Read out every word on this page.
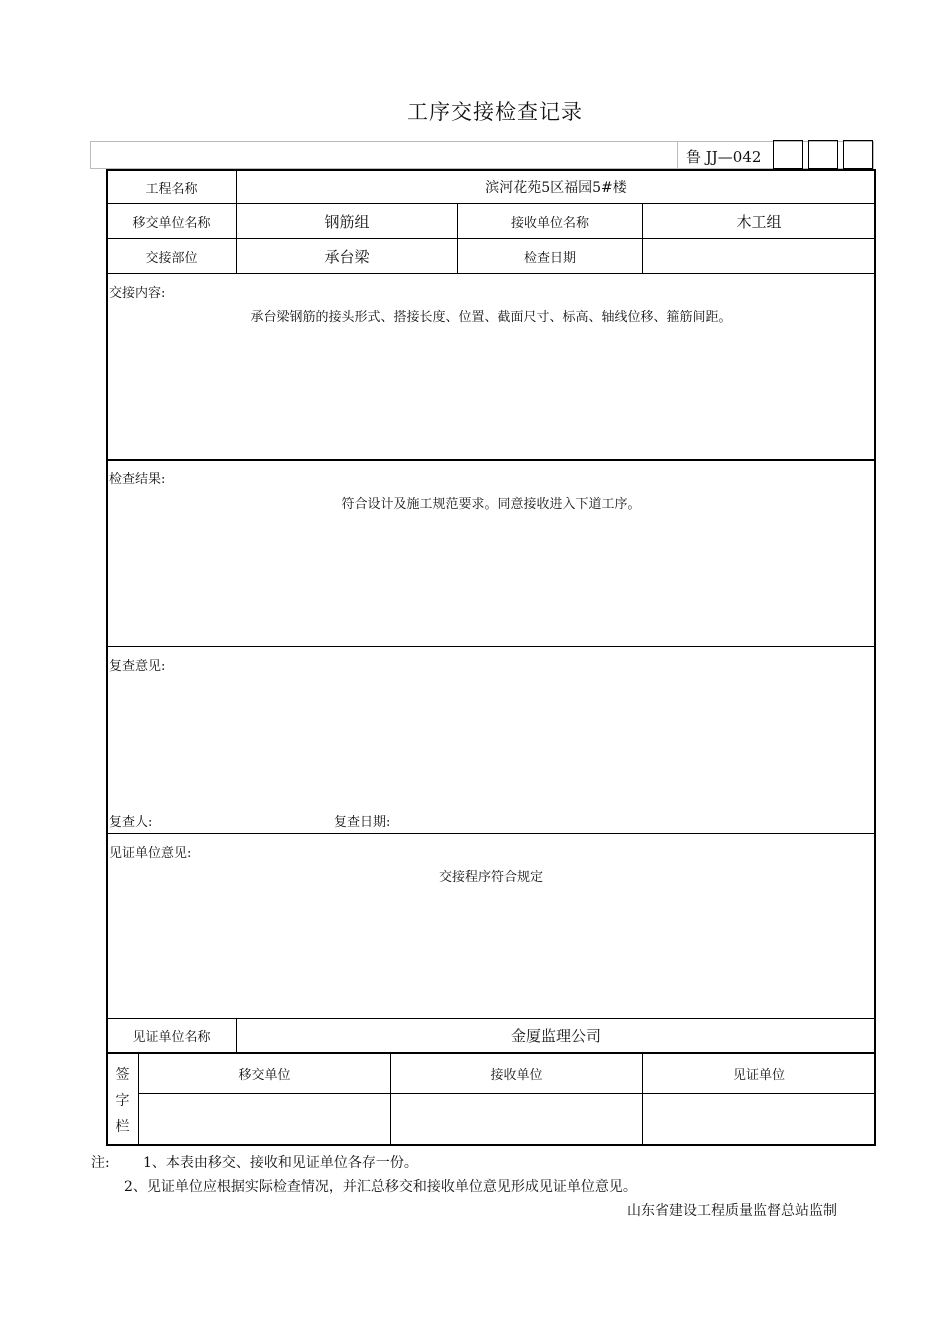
工序交接检查记录
鲁 JJ—042
工程名称	滨河花苑5区福园5#楼
移交单位名称	钢筋组	接收单位名称	木工组
交接部位	承台梁	检查日期
交接内容:
承台梁钢筋的接头形式、搭接长度、位置、截面尺寸、标高、轴线位移、箍筋间距。
检查结果:
符合设计及施工规范要求。同意接收进入下道工序。
复查意见:
复查人:	复查日期:
见证单位意见:
交接程序符合规定
见证单位名称	金厦监理公司
签
字
栏
移交单位	接收单位	见证单位
注: 1、本表由移交、接收和见证单位各存一份。
2、见证单位应根据实际检查情况，并汇总移交和接收单位意见形成见证单位意见。
山东省建设工程质量监督总站监制
